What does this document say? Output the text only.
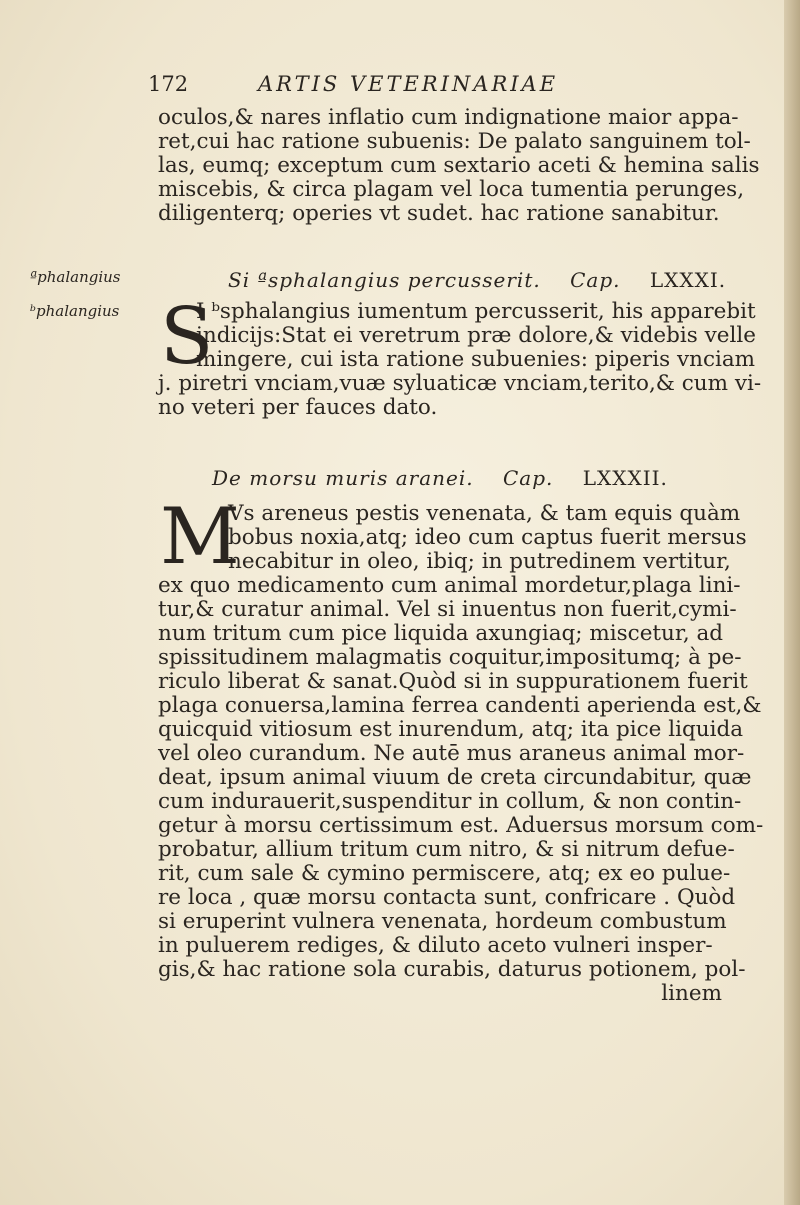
172	ARTIS VETERINARIAE
oculos,& nares inflatio cum indignatione maior appa-
ret,cui hac ratione subuenis: De palato sanguinem tol-
las, eumq; exceptum cum sextario aceti & hemina salis
miscebis, & circa plagam vel loca tumentia perunges,
diligenterq; operies vt sudet. hac ratione sanabitur.
ªphalangius
ᵇphalangius
Si ªsphalangius percusserit. Cap. LXXXI.
S
I ᵇsphalangius iumentum percusserit, his apparebit
indicijs:Stat ei veretrum præ dolore,& videbis velle
mingere, cui ista ratione subuenies: piperis vnciam
j. piretri vnciam,vuæ syluaticæ vnciam,terito,& cum vi-
no veteri per fauces dato.
De morsu muris aranei. Cap. LXXXII.
M
Vs areneus pestis venenata, & tam equis quàm
bobus noxia,atq; ideo cum captus fuerit mersus
necabitur in oleo, ibiq; in putredinem vertitur,
ex quo medicamento cum animal mordetur,plaga lini-
tur,& curatur animal. Vel si inuentus non fuerit,cymi-
num tritum cum pice liquida axungiaq; miscetur, ad
spissitudinem malagmatis coquitur,impositumq; à pe-
riculo liberat & sanat.Quòd si in suppurationem fuerit
plaga conuersa,lamina ferrea candenti aperienda est,&
quicquid vitiosum est inurendum, atq; ita pice liquida
vel oleo curandum. Ne autē mus araneus animal mor-
deat, ipsum animal viuum de creta circundabitur, quæ
cum indurauerit,suspenditur in collum, & non contin-
getur à morsu certissimum est. Aduersus morsum com-
probatur, allium tritum cum nitro, & si nitrum defue-
rit, cum sale & cymino permiscere, atq; ex eo pulue-
re loca , quæ morsu contacta sunt, confricare . Quòd
si eruperint vulnera venenata, hordeum combustum
in puluerem rediges, & diluto aceto vulneri insper-
gis,& hac ratione sola curabis, daturus potionem, pol-
linem
